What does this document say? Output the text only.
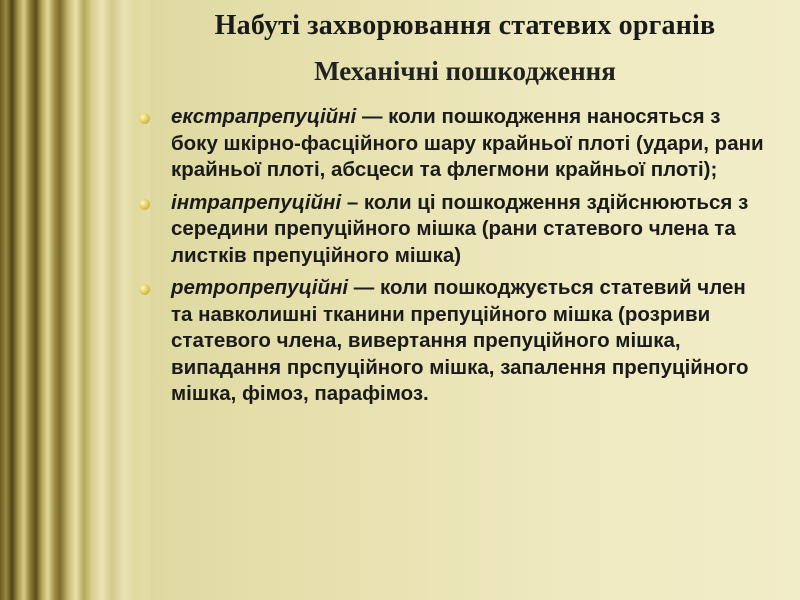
Набуті захворювання статевих органів
Механічні пошкодження
екстрапрепуційні — коли пошкодження наносяться з боку шкірно-фасційного шару крайньої плоті (удари, рани крайньої плоті, абсцеси та флегмони крайньої плоті);
інтрапрепуційні – коли ці пошкодження здійснюються з середини препуційного мішка (рани статевого члена та листків препуційного мішка)
ретропрепуційні — коли пошкоджується статевий член та навколишні тканини препуційного мішка (розриви статевого члена, вивертання препуційного мішка, випадання прспуційного мішка, запалення препуційного мішка, фімоз, парафімоз.
